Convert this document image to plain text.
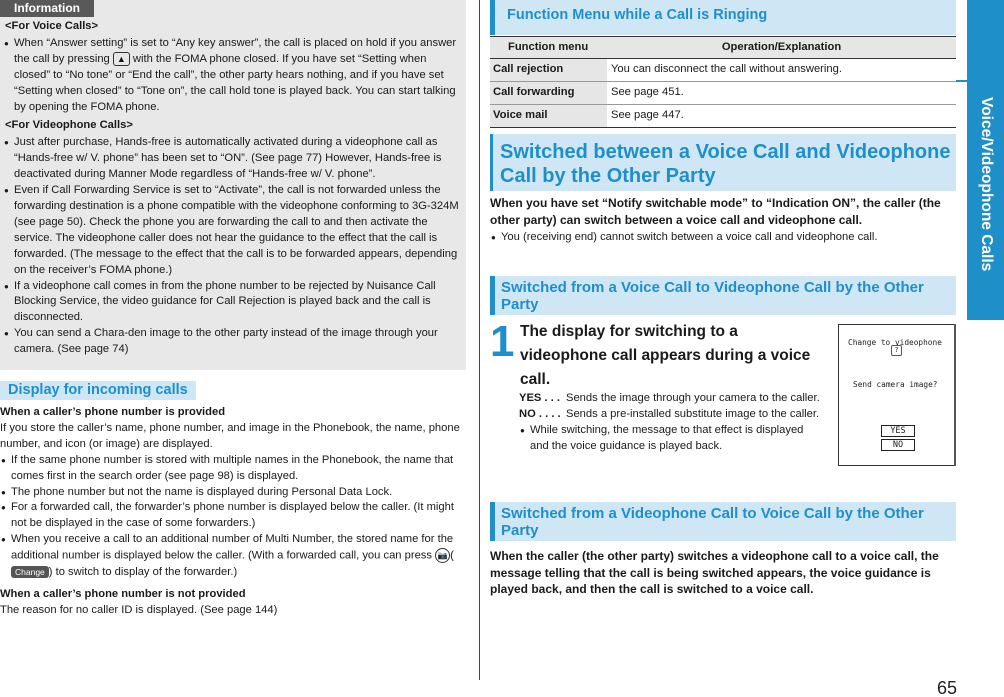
Information
<For Voice Calls>
● When “Answer setting” is set to “Any key answer”, the call is placed on hold if you answer the call by pressing ▲ with the FOMA phone closed. If you have set “Setting when closed” to “No tone” or “End the call”, the other party hears nothing, and if you have set “Setting when closed” to “Tone on”, the call hold tone is played back. You can start talking by opening the FOMA phone.
<For Videophone Calls>
● Just after purchase, Hands-free is automatically activated during a videophone call as “Hands-free w/ V. phone” has been set to “ON”. (See page 77) However, Hands-free is deactivated during Manner Mode regardless of “Hands-free w/ V. phone”.
● Even if Call Forwarding Service is set to “Activate”, the call is not forwarded unless the forwarding destination is a phone compatible with the videophone conforming to 3G-324M (see page 50). Check the phone you are forwarding the call to and then activate the service. The videophone caller does not hear the guidance to the effect that the call is forwarded. (The message to the effect that the call is to be forwarded appears, depending on the receiver’s FOMA phone.)
● If a videophone call comes in from the phone number to be rejected by Nuisance Call Blocking Service, the video guidance for Call Rejection is played back and the call is disconnected.
● You can send a Chara-den image to the other party instead of the image through your camera. (See page 74)
Display for incoming calls
When a caller’s phone number is provided
If you store the caller’s name, phone number, and image in the Phonebook, the name, phone number, and icon (or image) are displayed.
● If the same phone number is stored with multiple names in the Phonebook, the name that comes first in the search order (see page 98) is displayed.
● The phone number but not the name is displayed during Personal Data Lock.
● For a forwarded call, the forwarder’s phone number is displayed below the caller. (It might not be displayed in the case of some forwarders.)
● When you receive a call to an additional number of Multi Number, the stored name for the additional number is displayed below the caller. (With a forwarded call, you can press 📷 (Change ) to switch to display of the forwarder.)
When a caller’s phone number is not provided
The reason for no caller ID is displayed. (See page 144)
Function Menu while a Call is Ringing
Function menu	Operation/Explanation
Call rejection	You can disconnect the call without answering.
Call forwarding	See page 451.
Voice mail	See page 447.
Switched between a Voice Call and Videophone Call by the Other Party
When you have set “Notify switchable mode” to “Indication ON”, the caller (the other party) can switch between a voice call and videophone call.
● You (receiving end) cannot switch between a voice call and videophone call.
Switched from a Voice Call to Videophone Call by the Other Party
1 The display for switching to a videophone call appears during a voice call.
YES . . . Sends the image through your camera to the caller.
NO . . . . Sends a pre-installed substitute image to the caller.
● While switching, the message to that effect is displayed and the voice guidance is played back.
Change to videophone
?
Send camera image?
YES
NO
Switched from a Videophone Call to Voice Call by the Other Party
When the caller (the other party) switches a videophone call to a voice call, the message telling that the call is being switched appears, the voice guidance is played back, and then the call is switched to a voice call.
Voice/Videophone Calls
65
